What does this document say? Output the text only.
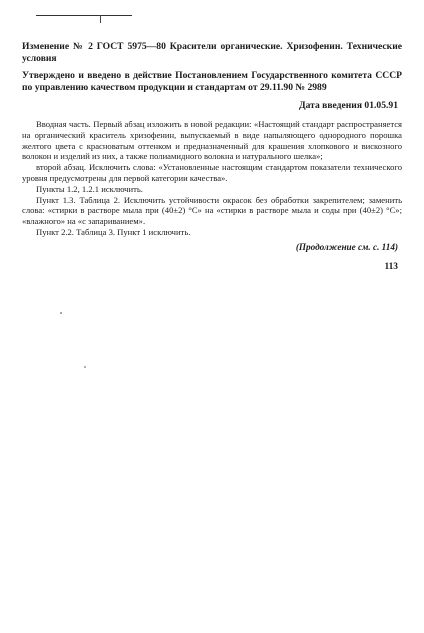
Изменение № 2 ГОСТ 5975—80 Красители органические. Хризофенин. Технические условия
Утверждено и введено в действие Постановлением Государственного комитета СССР по управлению качеством продукции и стандартам от 29.11.90 № 2989
Дата введения 01.05.91

Вводная часть. Первый абзац изложить в новой редакции: «Настоящий стандарт распространяется на органический краситель хризофенин, выпускаемый в виде напыляющего однородного порошка желтого цвета с красноватым оттенком и предназначенный для крашения хлопкового и вискозного волокон и изделий из них, а также полиамидного волокна и натурального шелка»;

второй абзац. Исключить слова: «Установленные настоящим стандартом показатели технического уровня предусмотрены для первой категории качества».

Пункты 1.2, 1.2.1 исключить.

Пункт 1.3. Таблица 2. Исключить устойчивости окрасок без обработки закрепителем; заменить слова: «стирки в растворе мыла при (40±2) °С» на «стирки в растворе мыла и соды при (40±2) °С»; «влажного» на «с запариванием».

Пункт 2.2. Таблица 3. Пункт 1 исключить.

(Продолжение см. с. 114)
113
